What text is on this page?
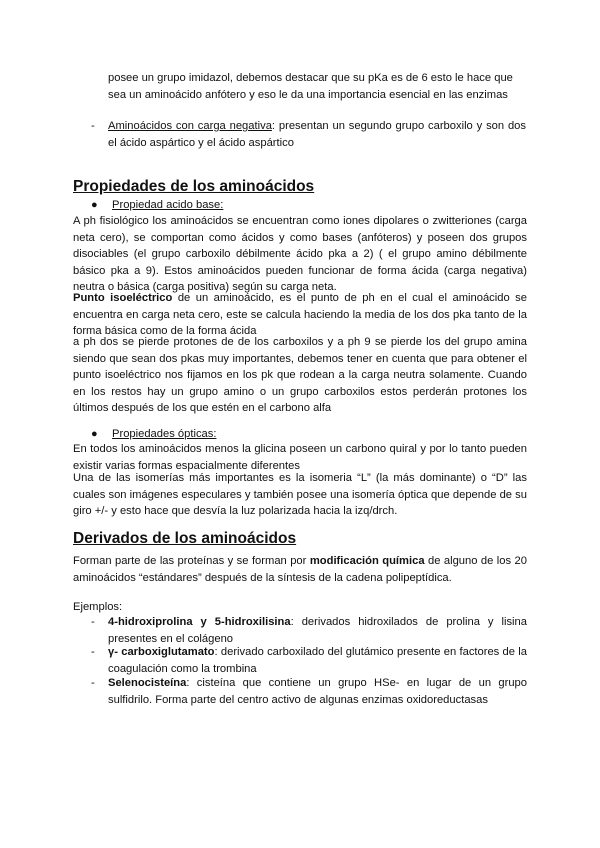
posee un grupo imidazol, debemos destacar que su pKa es de 6 esto le hace que

sea un aminoácido anfótero y eso le da una importancia esencial en las enzimas

- Aminoácidos con carga negativa: presentan un segundo grupo carboxilo y son dos el ácido aspártico y el ácido aspártico

Propiedades de los aminoácidos
● Propiedad acido base:

A ph fisiológico los aminoácidos se encuentran como iones dipolares o zwitteriones (carga neta cero), se comportan como ácidos y como bases (anfóteros) y poseen dos grupos disociables (el grupo carboxilo débilmente ácido pka a 2) ( el grupo amino débilmente básico pka a 9). Estos aminoácidos pueden funcionar de forma ácida (carga negativa) neutra o básica (carga positiva) según su carga neta.

Punto isoeléctrico de un aminoácido, es el punto de ph en el cual el aminoácido se encuentra en carga neta cero, este se calcula haciendo la media de los dos pka tanto de la forma básica como de la forma ácida

a ph dos se pierde protones de de los carboxilos y a ph 9 se pierde los del grupo amina siendo que sean dos pkas muy importantes, debemos tener en cuenta que para obtener el punto isoeléctrico nos fijamos en los pk que rodean a la carga neutra solamente. Cuando en los restos hay un grupo amino o un grupo carboxilos estos perderán protones los últimos después de los que estén en el carbono alfa

● Propiedades ópticas:

En todos los aminoácidos menos la glicina poseen un carbono quiral y por lo tanto pueden existir varias formas espacialmente diferentes

Una de las isomerías más importantes es la isomeria “L” (la más dominante) o “D” las cuales son imágenes especulares y también posee una isomería óptica que depende de su giro +/- y esto hace que desvía la luz polarizada hacia la izq/drch.

Derivados de los aminoácidos

Forman parte de las proteínas y se forman por modificación química de alguno de los 20 aminoácidos “estándares” después de la síntesis de la cadena polipeptídica.

Ejemplos:

- 4-hidroxiprolina y 5-hidroxilisina: derivados hidroxilados de prolina y lisina presentes en el colágeno

- γ- carboxiglutamato: derivado carboxilado del glutámico presente en factores de la coagulación como la trombina

- Selenocisteína: cisteína que contiene un grupo HSe- en lugar de un grupo sulfidrilo. Forma parte del centro activo de algunas enzimas oxidoreductasas
